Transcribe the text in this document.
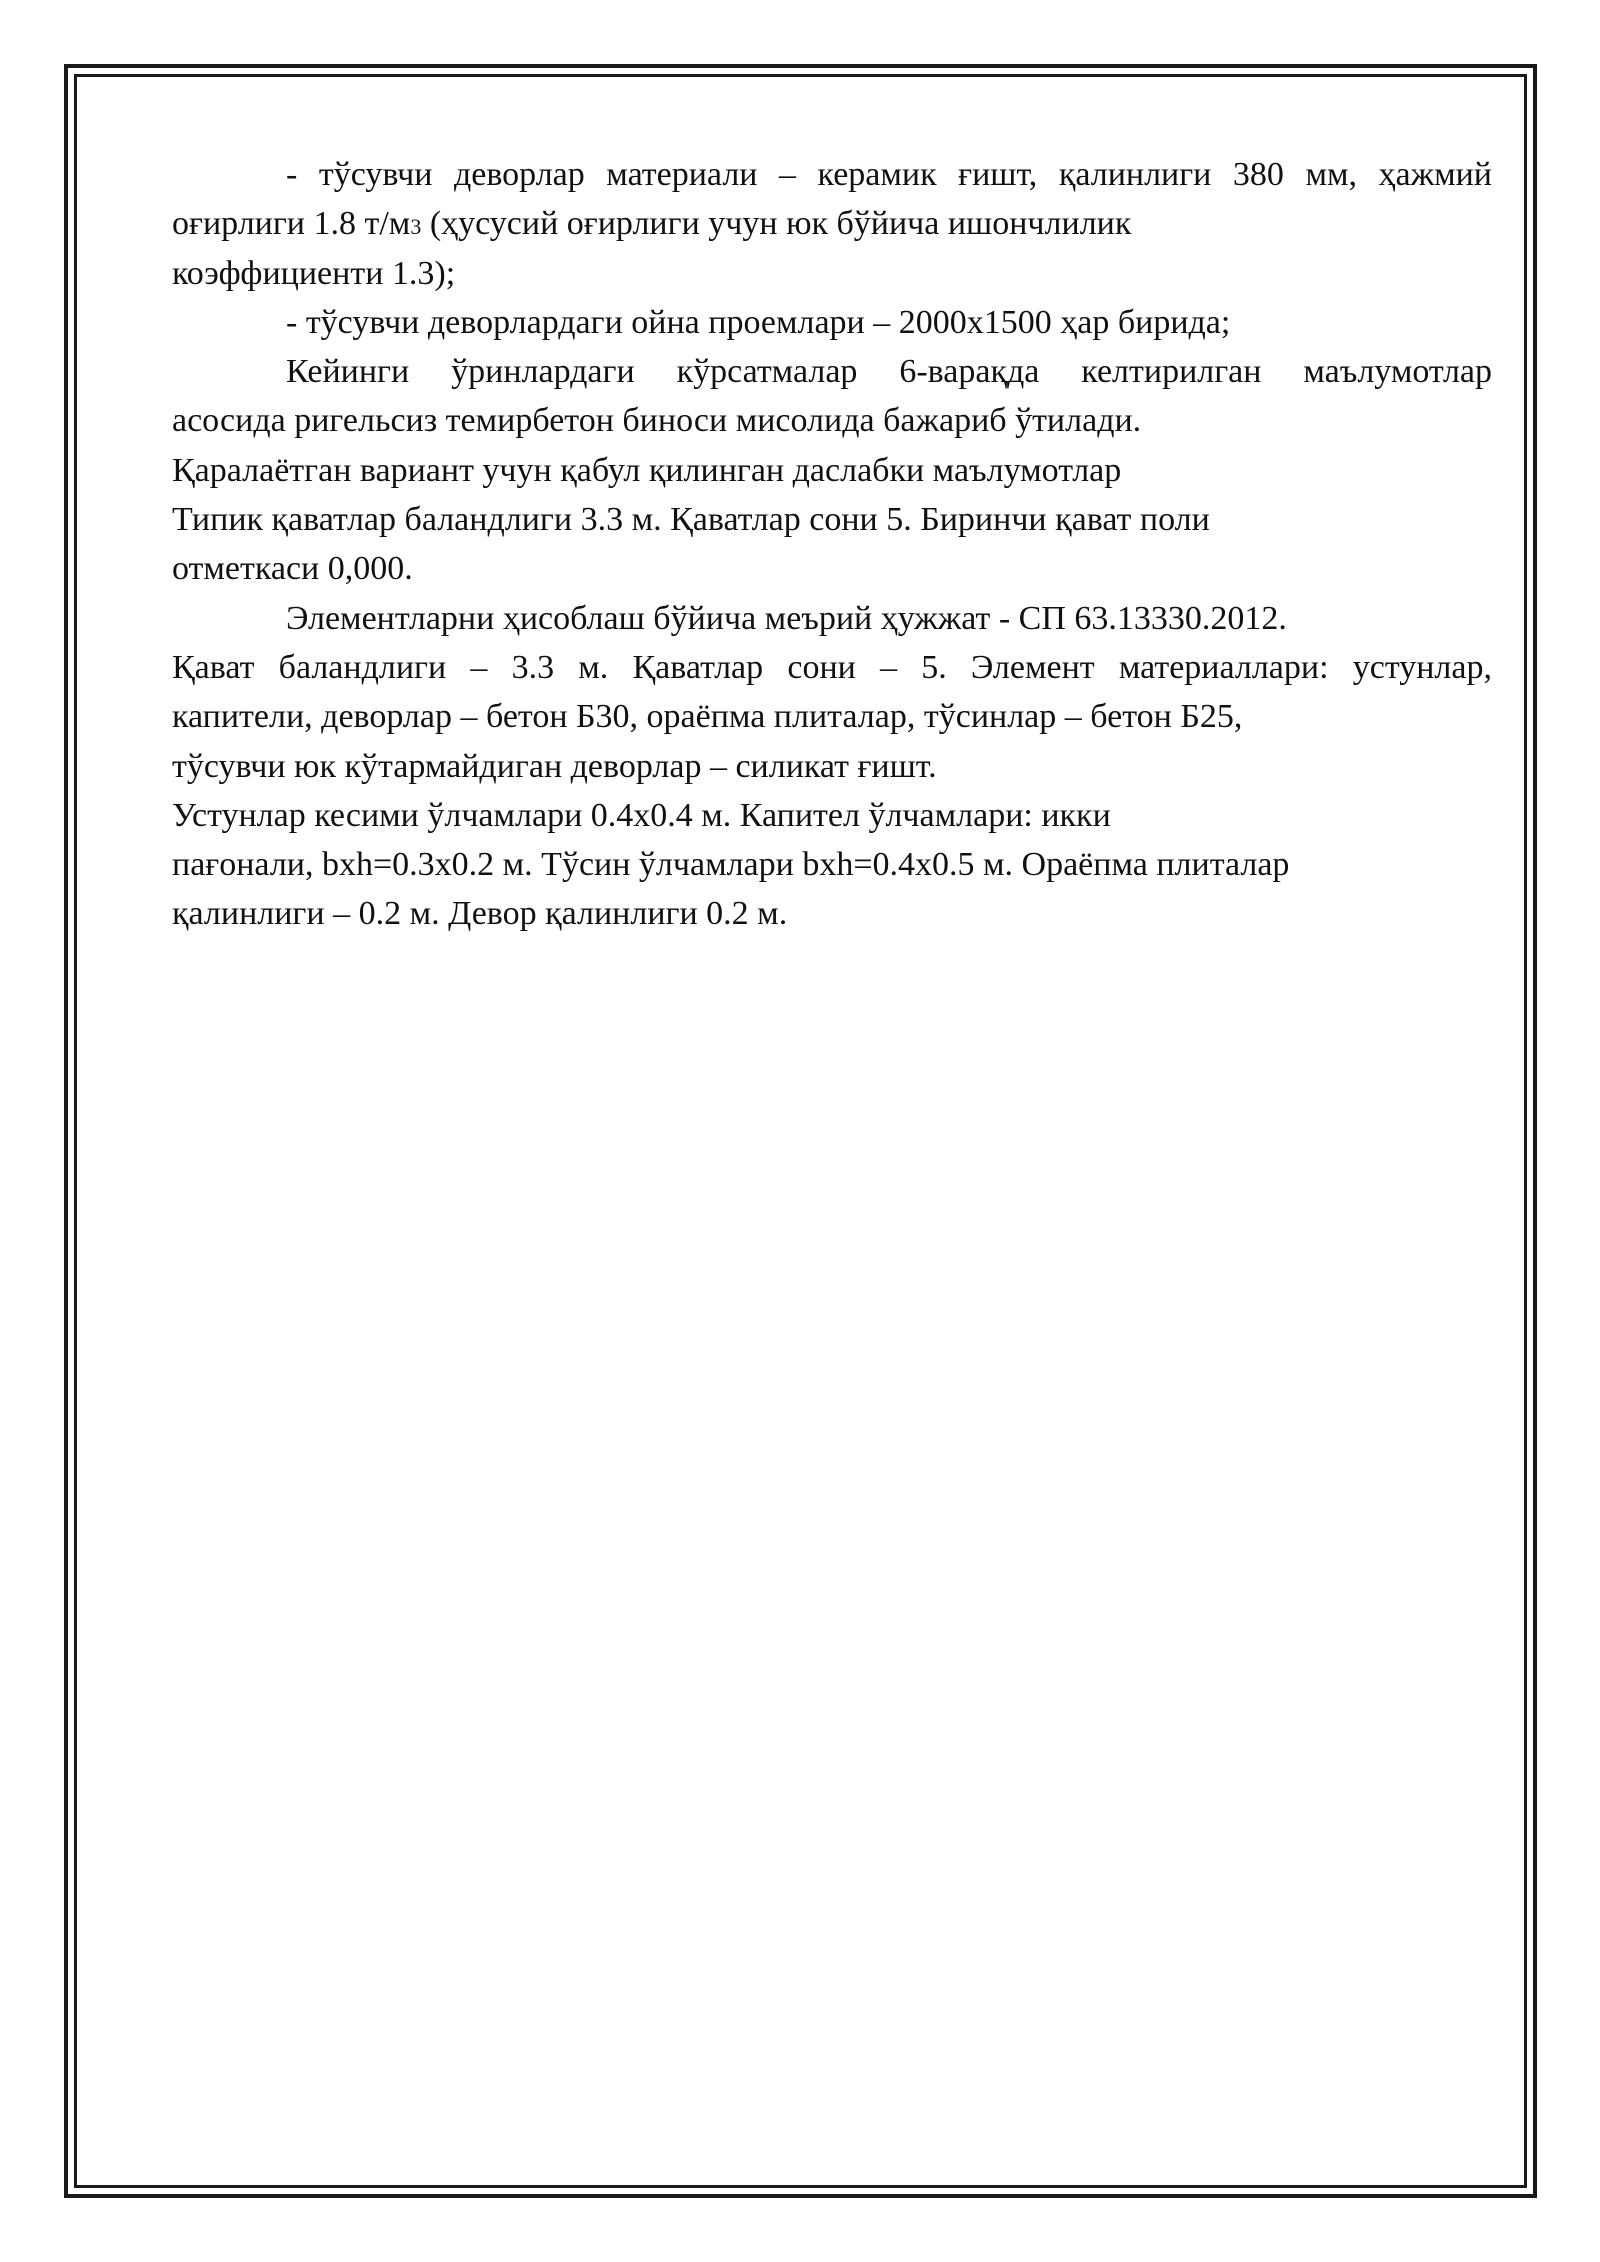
- тўсувчи деворлар материали – керамик ғишт, қалинлиги 380 мм, ҳажмий
оғирлиги 1.8 т/м3 (ҳусусий оғирлиги учун юк бўйича ишончлилик
коэффициенти 1.3);
- тўсувчи деворлардаги ойна проемлари – 2000х1500 ҳар бирида;
Кейинги ўринлардаги кўрсатмалар 6-варақда келтирилган маълумотлар
асосида ригельсиз темирбетон биноси мисолида бажариб ўтилади.
Қаралаётган вариант учун қабул қилинган даслабки маълумотлар
Типик қаватлар баландлиги 3.3 м. Қаватлар сони 5. Биринчи қават поли
отметкаси 0,000.
Элементларни ҳисоблаш бўйича меърий ҳужжат - СП 63.13330.2012.
Қават баландлиги – 3.3 м. Қаватлар сони – 5. Элемент материаллари: устунлар,
капители, деворлар – бетон Б30, ораёпма плиталар, тўсинлар – бетон Б25,
тўсувчи юк кўтармайдиган деворлар – силикат ғишт.
Устунлар кесими ўлчамлари 0.4х0.4 м. Капител ўлчамлари: икки
пағонали, bxh=0.3х0.2 м. Тўсин ўлчамлари bxh=0.4х0.5 м. Ораёпма плиталар
қалинлиги – 0.2 м. Девор қалинлиги 0.2 м.
